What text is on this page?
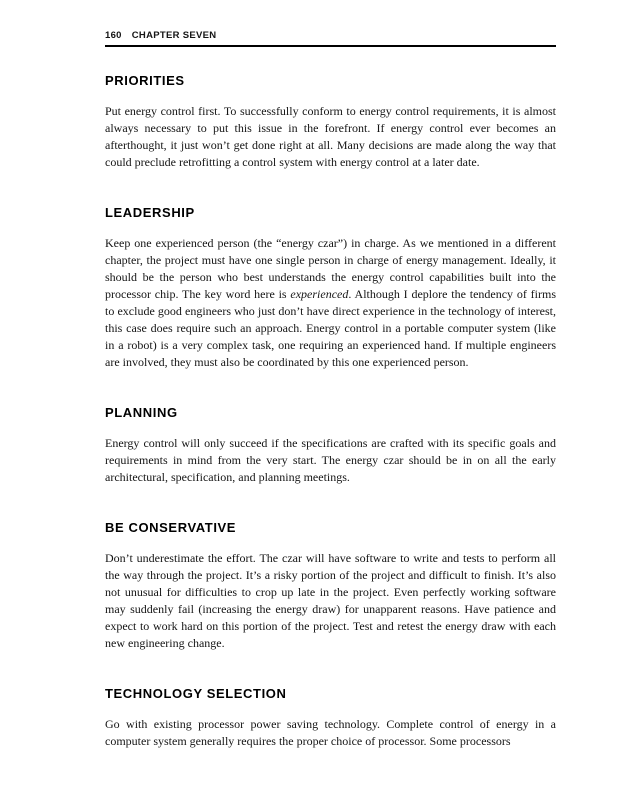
160 CHAPTER SEVEN
PRIORITIES

Put energy control first. To successfully conform to energy control requirements, it is almost always necessary to put this issue in the forefront. If energy control ever becomes an afterthought, it just won’t get done right at all. Many decisions are made along the way that could preclude retrofitting a control system with energy control at a later date.

LEADERSHIP

Keep one experienced person (the “energy czar”) in charge. As we mentioned in a different chapter, the project must have one single person in charge of energy management. Ideally, it should be the person who best understands the energy control capabilities built into the processor chip. The key word here is experienced. Although I deplore the tendency of firms to exclude good engineers who just don’t have direct experience in the technology of interest, this case does require such an approach. Energy control in a portable computer system (like in a robot) is a very complex task, one requiring an experienced hand. If multiple engineers are involved, they must also be coordinated by this one experienced person.

PLANNING

Energy control will only succeed if the specifications are crafted with its specific goals and requirements in mind from the very start. The energy czar should be in on all the early architectural, specification, and planning meetings.

BE CONSERVATIVE

Don’t underestimate the effort. The czar will have software to write and tests to perform all the way through the project. It’s a risky portion of the project and difficult to finish. It’s also not unusual for difficulties to crop up late in the project. Even perfectly working software may suddenly fail (increasing the energy draw) for unapparent reasons. Have patience and expect to work hard on this portion of the project. Test and retest the energy draw with each new engineering change.

TECHNOLOGY SELECTION

Go with existing processor power saving technology. Complete control of energy in a computer system generally requires the proper choice of processor. Some processors
